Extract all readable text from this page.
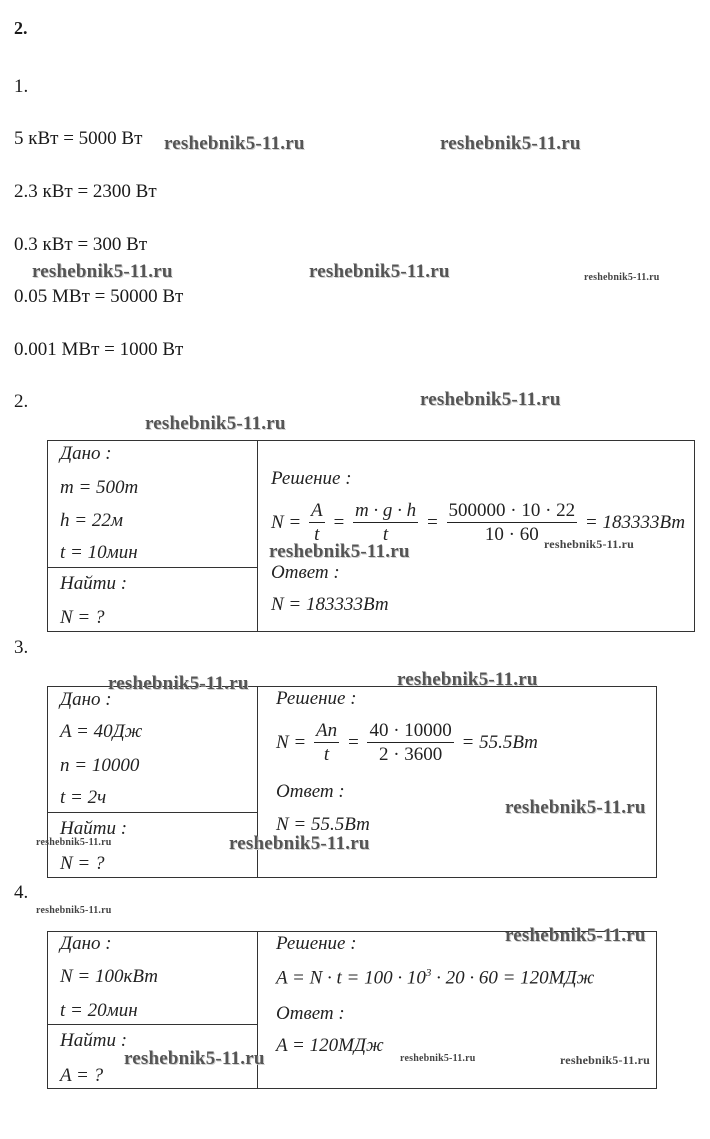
2.
1.
5 кВт = 5000 Вт
2.3 кВт = 2300 Вт
0.3 кВт = 300 Вт
0.05 МВт = 50000 Вт
0.001 МВт = 1000 Вт
2.
Дано :
m = 500т
h = 22м
t = 10мин
Найти :
N = ?
Решение :
$N = \frac{A}{t} = \frac{m \cdot g \cdot h}{t} = \frac{500000 \cdot 10 \cdot 22}{10 \cdot 60} = 183333Вт$
Ответ :
N = 183333Вт
3.
Дано :
A = 40Дж
n = 10000
t = 2ч
Найти :
N = ?
Решение :
$N = \frac{An}{t} = \frac{40 \cdot 10000}{2 \cdot 3600} = 55.5Вт$
Ответ :
N = 55.5Вт
4.
Дано :
N = 100кВт
t = 20мин
Найти :
A = ?
Решение :
$A = N \cdot t = 100 \cdot 10^3 \cdot 20 \cdot 60 = 120МДж$
Ответ :
A = 120МДж
reshebnik5-11.ru	reshebnik5-11.ru
reshebnik5-11.ru	reshebnik5-11.ru	reshebnik5-11.ru
reshebnik5-11.ru
reshebnik5-11.ru
reshebnik5-11.ru	reshebnik5-11.ru
reshebnik5-11.ru	reshebnik5-11.ru
reshebnik5-11.ru
reshebnik5-11.ru	reshebnik5-11.ru
reshebnik5-11.ru
reshebnik5-11.ru
reshebnik5-11.ru	reshebnik5-11.ru	reshebnik5-11.ru
